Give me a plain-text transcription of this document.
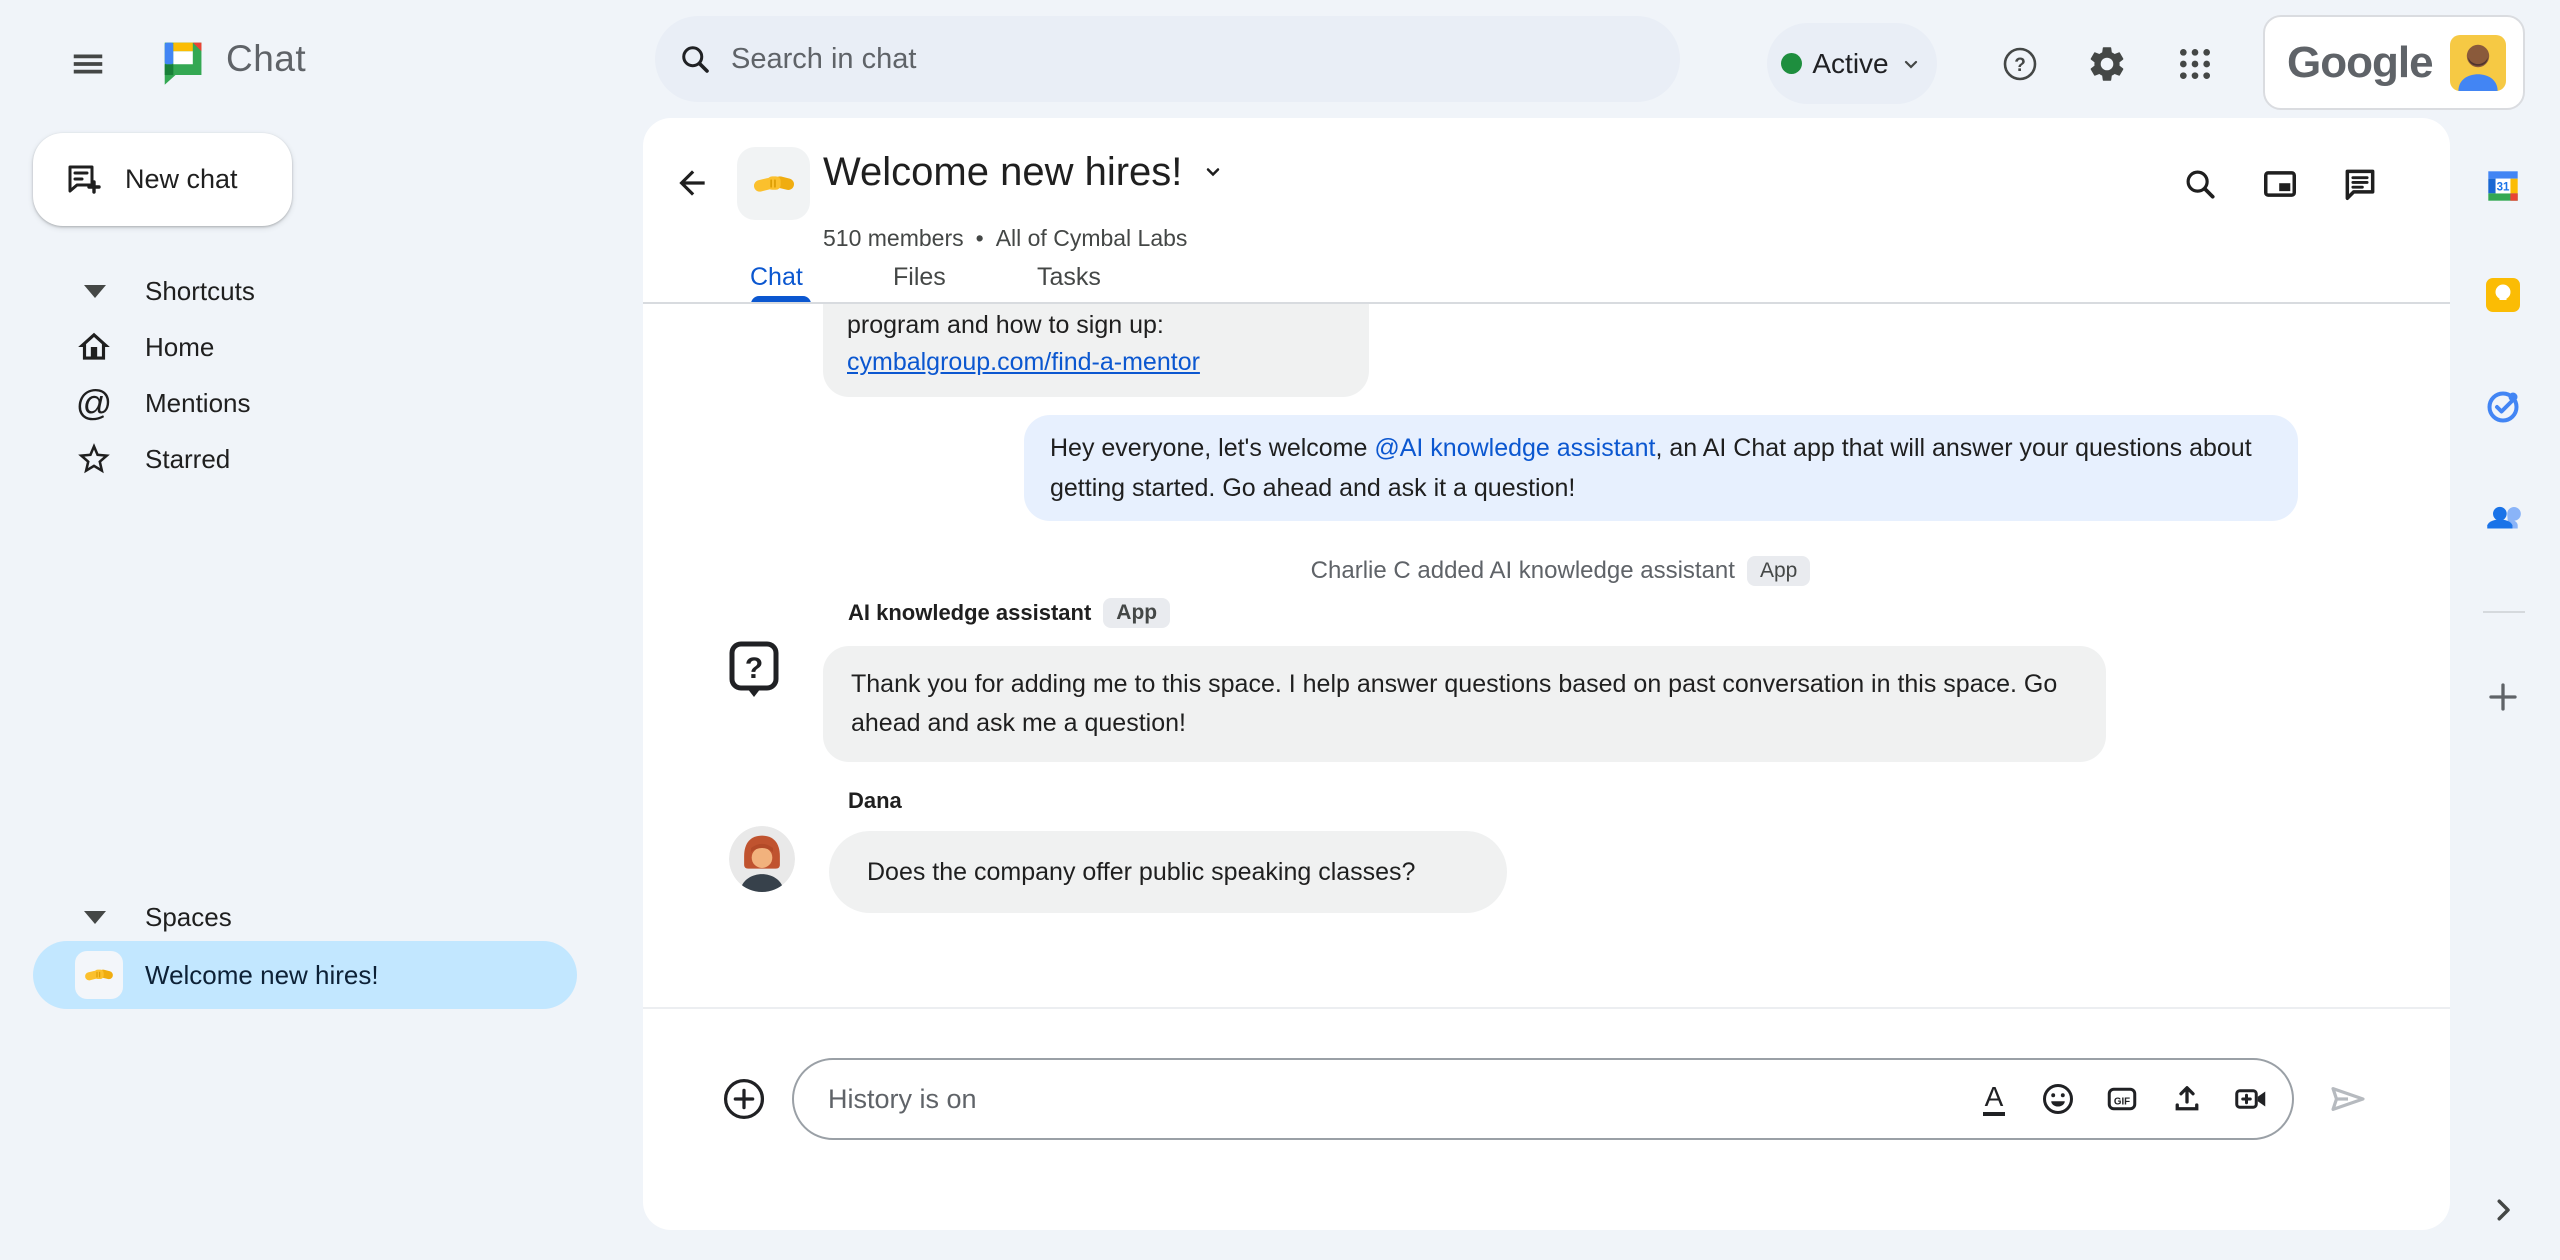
Chat	Search in chat	Active	?	Google
New chat
Shortcuts
Home
@ Mentions
Starred
Spaces
Welcome new hires!
Welcome new hires!
510 members • All of Cymbal Labs
Chat	Files	Tasks
program and how to sign up:
cymbalgroup.com/find-a-mentor
Hey everyone, let's welcome @AI knowledge assistant, an AI Chat app that will answer your questions about getting started. Go ahead and ask it a question!
Charlie C added AI knowledge assistant App
AI knowledge assistant App
?	Thank you for adding me to this space. I help answer questions based on past conversation in this space. Go ahead and ask me a question!
Dana
Does the company offer public speaking classes?
History is on	A	GIF
31
